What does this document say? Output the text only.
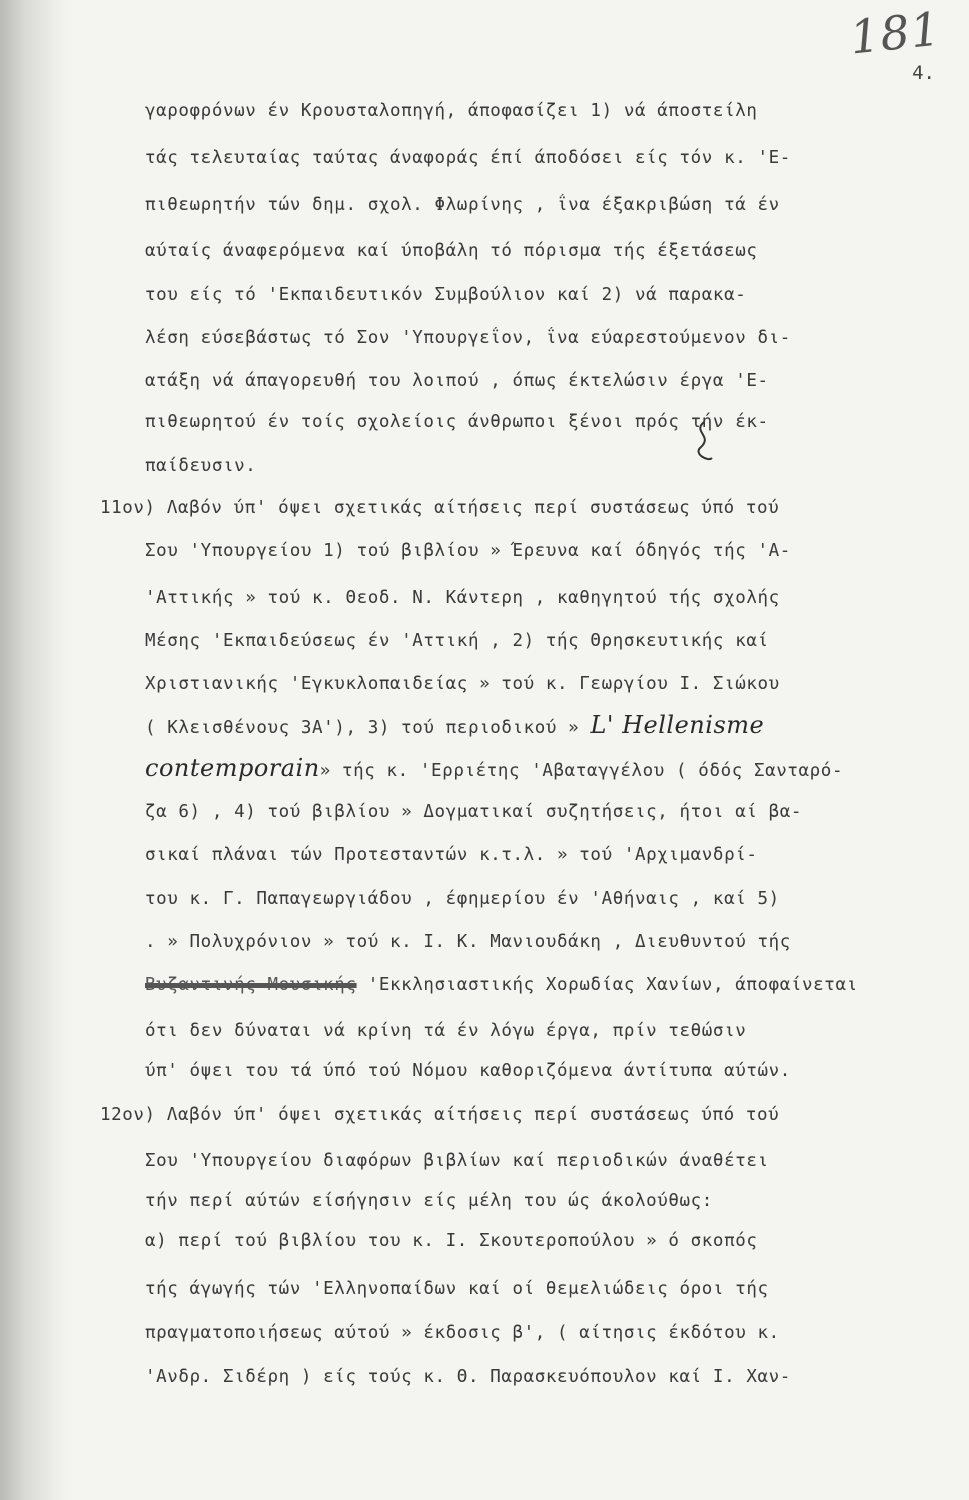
181
4.
γαροφρόνων έν Κρουσταλοπηγή, άποφασίζει 1) νά άποστείλη
τάς τελευταίας ταύτας άναφοράς έπί άποδόσει είς τόν κ. 'Ε-
πιθεωρητήν τών δημ. σχολ. Φλωρίνης , ΐνα έξακριβώση τά έν
αύταίς άναφερόμενα καί ύποβάλη τό πόρισμα τής έξετάσεως
του είς τό 'Εκπαιδευτικόν Συμβούλιον καί 2) νά παρακα-
λέση εύσεβάστως τό Σον 'Υπουργεΐον, ΐνα εύαρεστούμενον δι-
ατάξη νά άπαγορευθή του λοιπού , όπως έκτελώσιν έργα 'Ε-
πιθεωρητού έν τοίς σχολείοις άνθρωποι ξένοι πρός τήν έκ-
παίδευσιν.
11ον) Λαβόν ύπ' όψει σχετικάς αίτήσεις περί συστάσεως ύπό τού
Σου 'Υπουργείου 1) τού βιβλίου » Έρευνα καί όδηγός τής 'Α-
'Αττικής » τού κ. Θεοδ. Ν. Κάντερη , καθηγητού τής σχολής
Μέσης 'Εκπαιδεύσεως έν 'Αττική , 2) τής Θρησκευτικής καί
Χριστιανικής 'Εγκυκλοπαιδείας » τού κ. Γεωργίου Ι. Σιώκου
( Κλεισθένους 3Α'), 3) τού περιοδικού » L' Hellenisme
contemporain» τής κ. 'Ερριέτης 'Αβαταγγέλου ( όδός Σανταρό-
ζα 6) , 4) τού βιβλίου » Δογματικαί συζητήσεις, ήτοι αί βα-
σικαί πλάναι τών Προτεσταντών κ.τ.λ. » τού 'Αρχιμανδρί-
του κ. Γ. Παπαγεωργιάδου , έφημερίου έν 'Αθήναις , καί 5)
. » Πολυχρόνιον » τού κ. Ι. Κ. Μανιουδάκη , Διευθυντού τής
Βυζαντινής Μουσικής 'Εκκλησιαστικής Χορωδίας Χανίων, άποφαίνεται
ότι δεν δύναται νά κρίνη τά έν λόγω έργα, πρίν τεθώσιν
ύπ' όψει του τά ύπό τού Νόμου καθοριζόμενα άντίτυπα αύτών.
12ον) Λαβόν ύπ' όψει σχετικάς αίτήσεις περί συστάσεως ύπό τού
Σου 'Υπουργείου διαφόρων βιβλίων καί περιοδικών άναθέτει
τήν περί αύτών είσήγησιν είς μέλη του ώς άκολούθως:
α) περί τού βιβλίου του κ. Ι. Σκουτεροπούλου » ό σκοπός
τής άγωγής τών 'Ελληνοπαίδων καί οί θεμελιώδεις όροι τής
πραγματοποιήσεως αύτού » έκδοσις β', ( αίτησις έκδότου κ.
'Ανδρ. Σιδέρη ) είς τούς κ. Θ. Παρασκευόπουλον καί Ι. Χαν-
